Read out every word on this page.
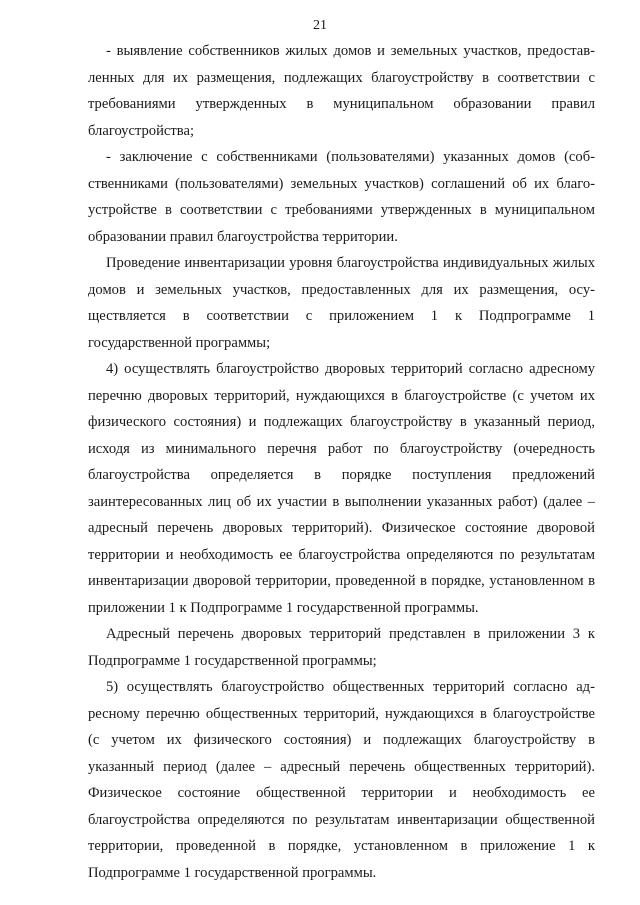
21

- выявление собственников жилых домов и земельных участков, предоставленных для их размещения, подлежащих благоустройству в соответствии с требованиями утвержденных в муниципальном образовании правил благоустройства;

- заключение с собственниками (пользователями) указанных домов (собственниками (пользователями) земельных участков) соглашений об их благоустройстве в соответствии с требованиями утвержденных в муниципальном образовании правил благоустройства территории.

Проведение инвентаризации уровня благоустройства индивидуальных жилых домов и земельных участков, предоставленных для их размещения, осуществляется в соответствии с приложением 1 к Подпрограмме 1 государственной программы;

4) осуществлять благоустройство дворовых территорий согласно адресному перечню дворовых территорий, нуждающихся в благоустройстве (с учетом их физического состояния) и подлежащих благоустройству в указанный период, исходя из минимального перечня работ по благоустройству (очередность благоустройства определяется в порядке поступления предложений заинтересованных лиц об их участии в выполнении указанных работ) (далее – адресный перечень дворовых территорий). Физическое состояние дворовой территории и необходимость ее благоустройства определяются по результатам инвентаризации дворовой территории, проведенной в порядке, установленном в приложении 1 к Подпрограмме 1 государственной программы.

Адресный перечень дворовых территорий представлен в приложении 3 к Подпрограмме 1 государственной программы;

5) осуществлять благоустройство общественных территорий согласно адресному перечню общественных территорий, нуждающихся в благоустройстве (с учетом их физического состояния) и подлежащих благоустройству в указанный период (далее – адресный перечень общественных территорий). Физическое состояние общественной территории и необходимость ее благоустройства определяются по результатам инвентаризации общественной территории, проведенной в порядке, установленном в приложение 1 к Подпрограмме 1 государственной программы.
